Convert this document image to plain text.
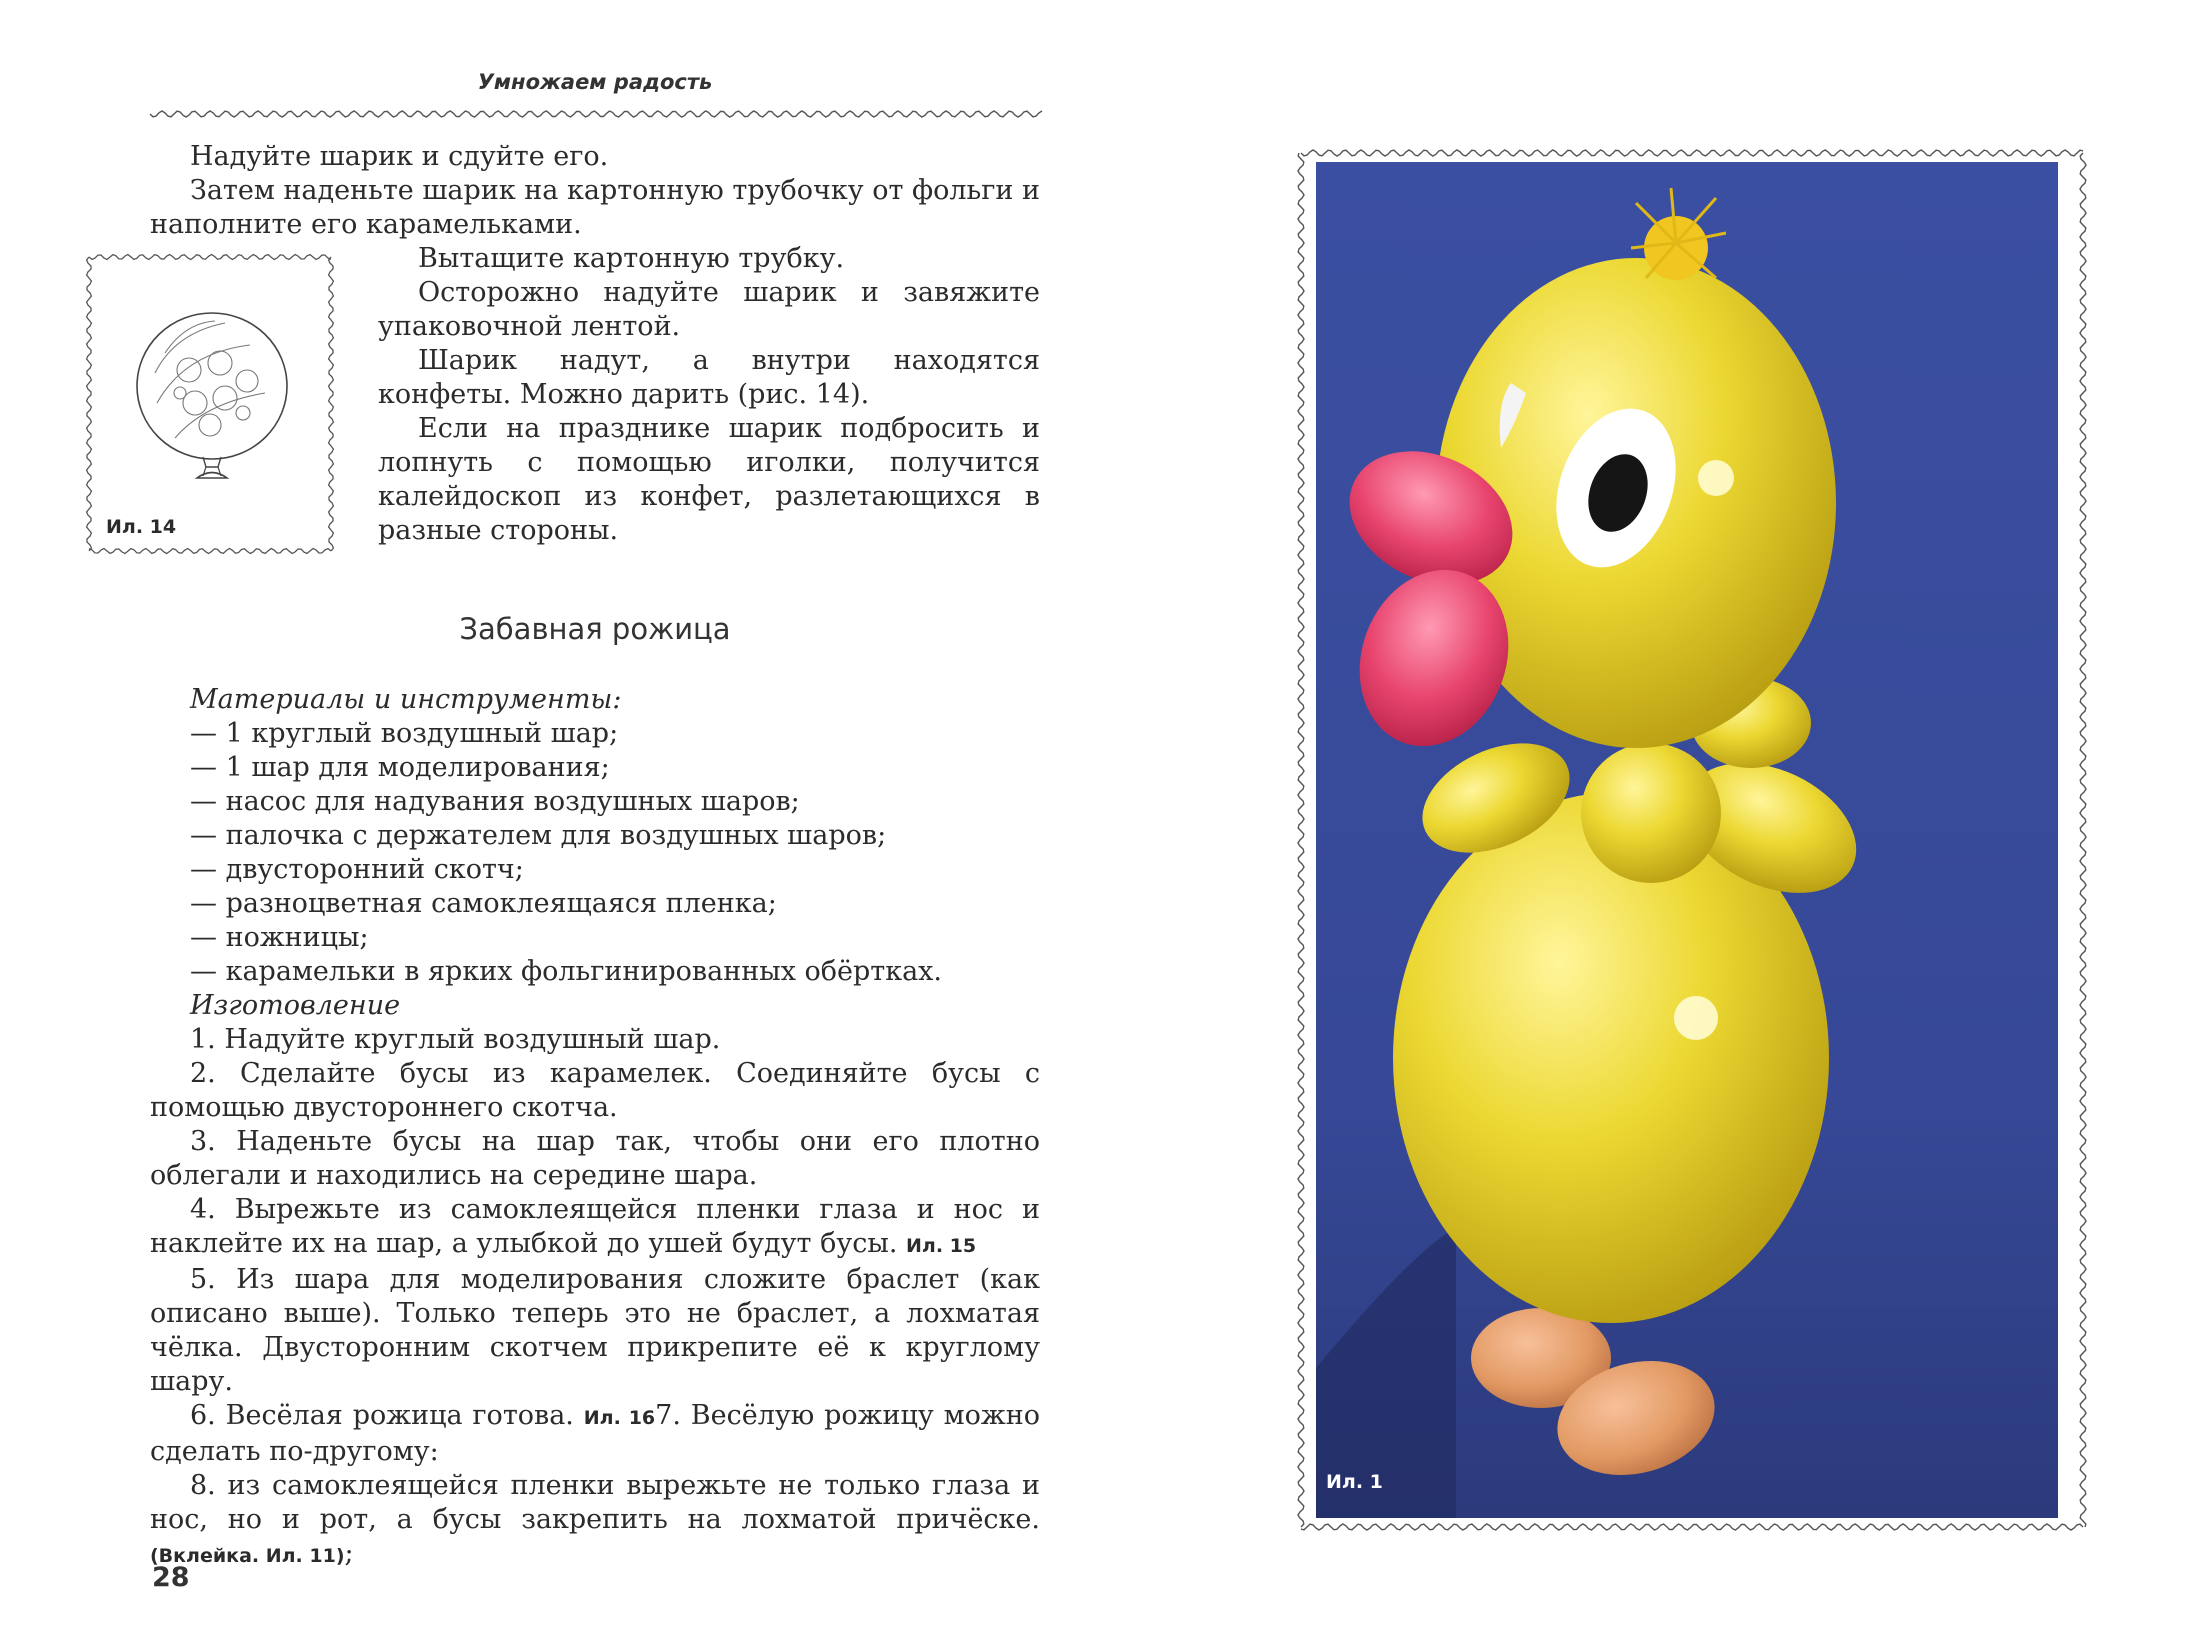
Умножаем радость

Надуйте шарик и сдуйте его.

Затем наденьте шарик на картонную трубочку от фольги и наполните его карамельками.

Ил. 14

Вытащите картонную трубку.

Осторожно надуйте шарик и завяжите упаковочной лентой.

Шарик надут, а внутри находятся конфеты. Можно дарить (рис. 14).

Если на празднике шарик подбросить и лопнуть с помощью иголки, получится калейдоскоп из конфет, разлетающихся в разные стороны.

Забавная рожица

Материалы и инструменты:

— 1 круглый воздушный шар;

— 1 шар для моделирования;

— насос для надувания воздушных шаров;

— палочка с держателем для воздушных шаров;

— двусторонний скотч;

— разноцветная самоклеящаяся пленка;

— ножницы;

— карамельки в ярких фольгинированных обёртках.

Изготовление

1. Надуйте круглый воздушный шар.

2. Сделайте бусы из карамелек. Соединяйте бусы с помощью двустороннего скотча.

3. Наденьте бусы на шар так, чтобы они его плотно облегали и находились на середине шара.

4. Вырежьте из самоклеящейся пленки глаза и нос и наклейте их на шар, а улыбкой до ушей будут бусы. Ил. 15

5. Из шара для моделирования сложите браслет (как описано выше). Только теперь это не браслет, а лохматая чёлка. Двусторонним скотчем прикрепите её к круглому шару.

6. Весёлая рожица готова. Ил. 167. Весёлую рожицу можно сделать по-другому:

8. из самоклеящейся пленки вырежьте не только глаза и нос, но и рот, а бусы закрепить на лохматой причёске.

(Вклейка. Ил. 11);

28
Ил. 1
